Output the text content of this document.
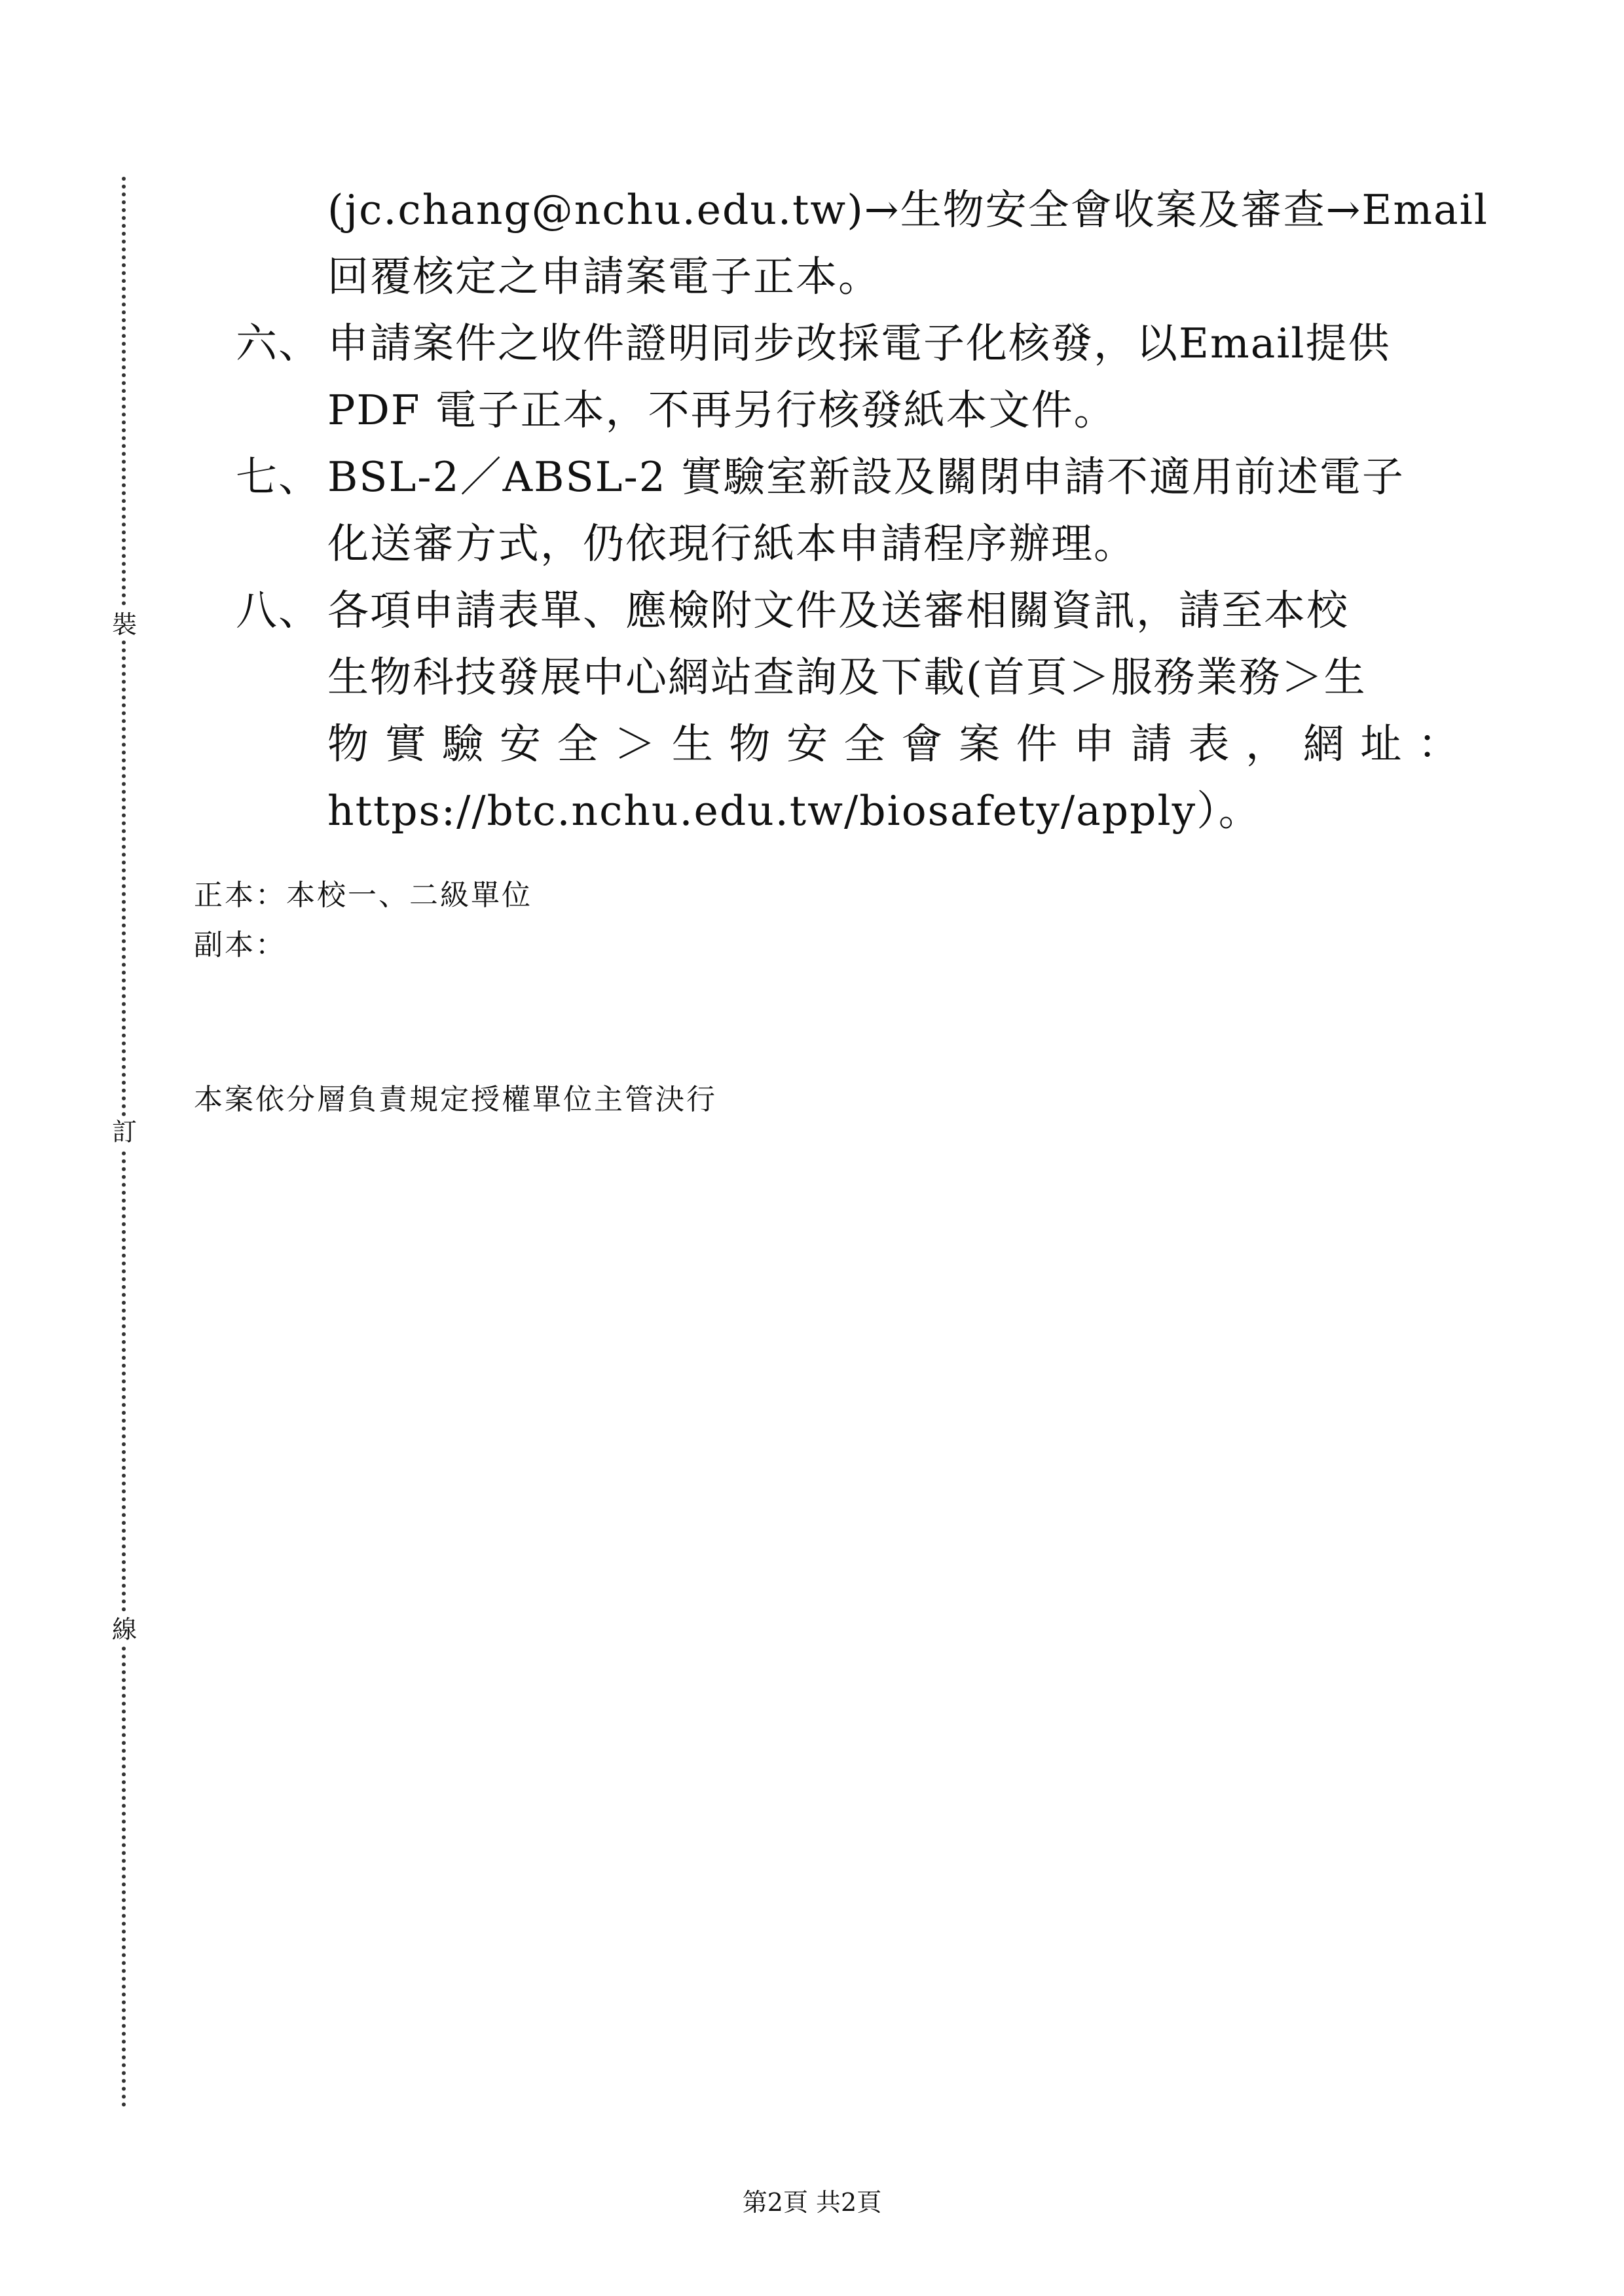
裝
訂
線
(jc.chang@nchu.edu.tw)→生物安全會收案及審查→Email
回覆核定之申請案電子正本。
六、 申請案件之收件證明同步改採電子化核發，以Email提供
PDF 電子正本，不再另行核發紙本文件。
七、 BSL-2／ABSL-2 實驗室新設及關閉申請不適用前述電子
化送審方式，仍依現行紙本申請程序辦理。
八、 各項申請表單、應檢附文件及送審相關資訊，請至本校
生物科技發展中心網站查詢及下載(首頁＞服務業務＞生
物實驗安全＞生物安全會案件申請表，網址：
https://btc.nchu.edu.tw/biosafety/apply）。
正本：本校一、二級單位
副本：
本案依分層負責規定授權單位主管決行
第2頁 共2頁
